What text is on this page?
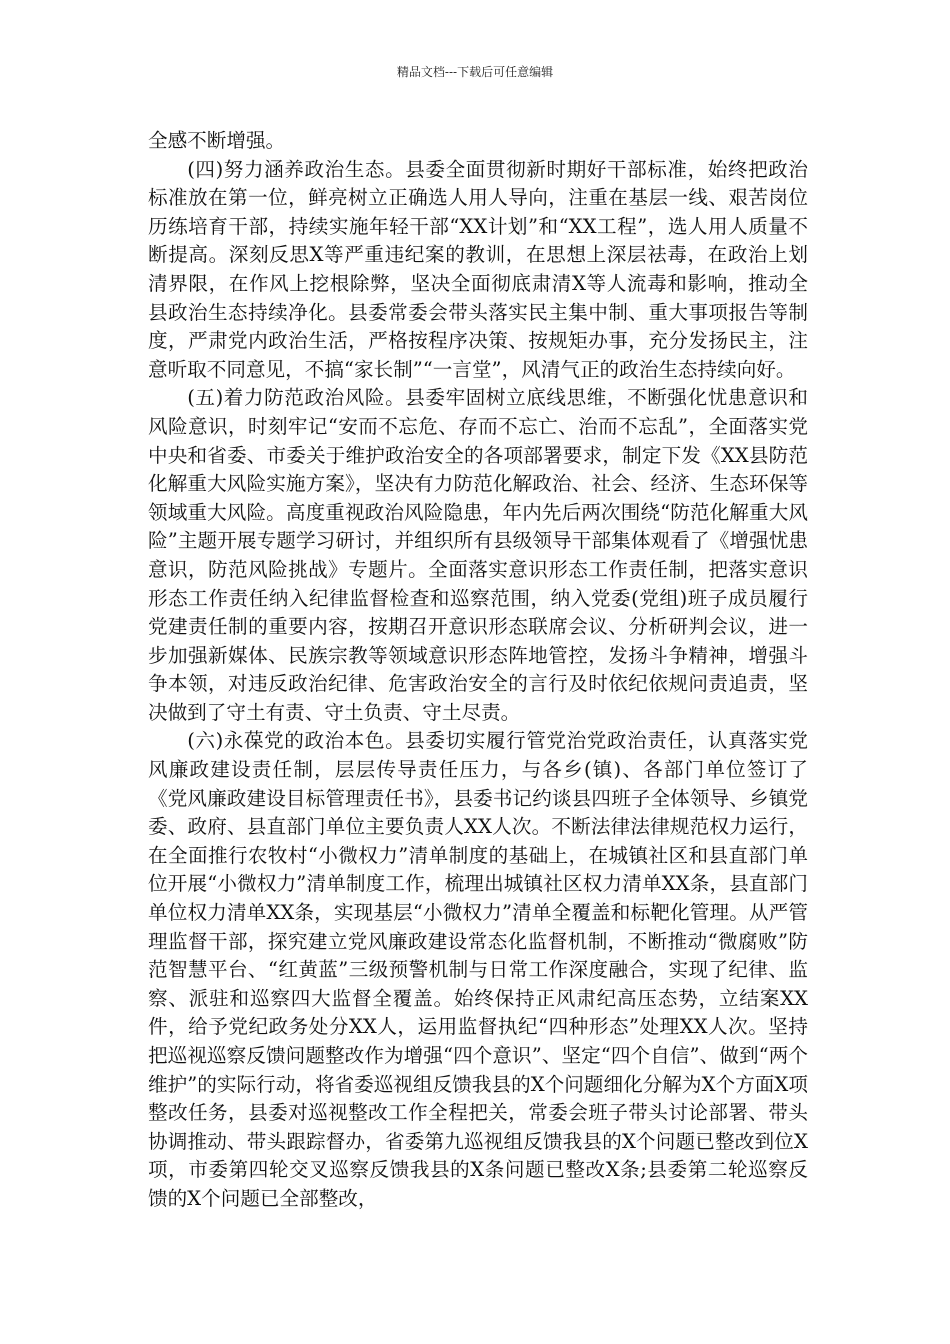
精品文档---下载后可任意编辑

全感不断增强。

(四)努力涵养政治生态。县委全面贯彻新时期好干部标准，始终把政治标准放在第一位，鲜亮树立正确选人用人导向，注重在基层一线、艰苦岗位历练培育干部，持续实施年轻干部“XX计划”和“XX工程”，选人用人质量不断提高。深刻反思X等严重违纪案的教训，在思想上深层祛毒，在政治上划清界限，在作风上挖根除弊，坚决全面彻底肃清X等人流毒和影响，推动全县政治生态持续净化。县委常委会带头落实民主集中制、重大事项报告等制度，严肃党内政治生活，严格按程序决策、按规矩办事，充分发扬民主，注意听取不同意见，不搞“家长制”“一言堂”，风清气正的政治生态持续向好。

(五)着力防范政治风险。县委牢固树立底线思维，不断强化忧患意识和风险意识，时刻牢记“安而不忘危、存而不忘亡、治而不忘乱”，全面落实党中央和省委、市委关于维护政治安全的各项部署要求，制定下发《XX县防范化解重大风险实施方案》，坚决有力防范化解政治、社会、经济、生态环保等领域重大风险。高度重视政治风险隐患，年内先后两次围绕“防范化解重大风险”主题开展专题学习研讨，并组织所有县级领导干部集体观看了《增强忧患意识，防范风险挑战》专题片。全面落实意识形态工作责任制，把落实意识形态工作责任纳入纪律监督检查和巡察范围，纳入党委(党组)班子成员履行党建责任制的重要内容，按期召开意识形态联席会议、分析研判会议，进一步加强新媒体、民族宗教等领域意识形态阵地管控，发扬斗争精神，增强斗争本领，对违反政治纪律、危害政治安全的言行及时依纪依规问责追责，坚决做到了守土有责、守土负责、守土尽责。

(六)永葆党的政治本色。县委切实履行管党治党政治责任，认真落实党风廉政建设责任制，层层传导责任压力，与各乡(镇)、各部门单位签订了《党风廉政建设目标管理责任书》，县委书记约谈县四班子全体领导、乡镇党委、政府、县直部门单位主要负责人XX人次。不断法律法律规范权力运行，在全面推行农牧村“小微权力”清单制度的基础上，在城镇社区和县直部门单位开展“小微权力”清单制度工作，梳理出城镇社区权力清单XX条，县直部门单位权力清单XX条，实现基层“小微权力”清单全覆盖和标靶化管理。从严管理监督干部，探究建立党风廉政建设常态化监督机制，不断推动“微腐败”防范智慧平台、“红黄蓝”三级预警机制与日常工作深度融合，实现了纪律、监察、派驻和巡察四大监督全覆盖。始终保持正风肃纪高压态势，立结案XX件，给予党纪政务处分XX人，运用监督执纪“四种形态”处理XX人次。坚持把巡视巡察反馈问题整改作为增强“四个意识”、坚定“四个自信”、做到“两个维护”的实际行动，将省委巡视组反馈我县的X个问题细化分解为X个方面X项整改任务，县委对巡视整改工作全程把关，常委会班子带头讨论部署、带头协调推动、带头跟踪督办，省委第九巡视组反馈我县的X个问题已整改到位X项，市委第四轮交叉巡察反馈我县的X条问题已整改X条;县委第二轮巡察反馈的X个问题已全部整改，
